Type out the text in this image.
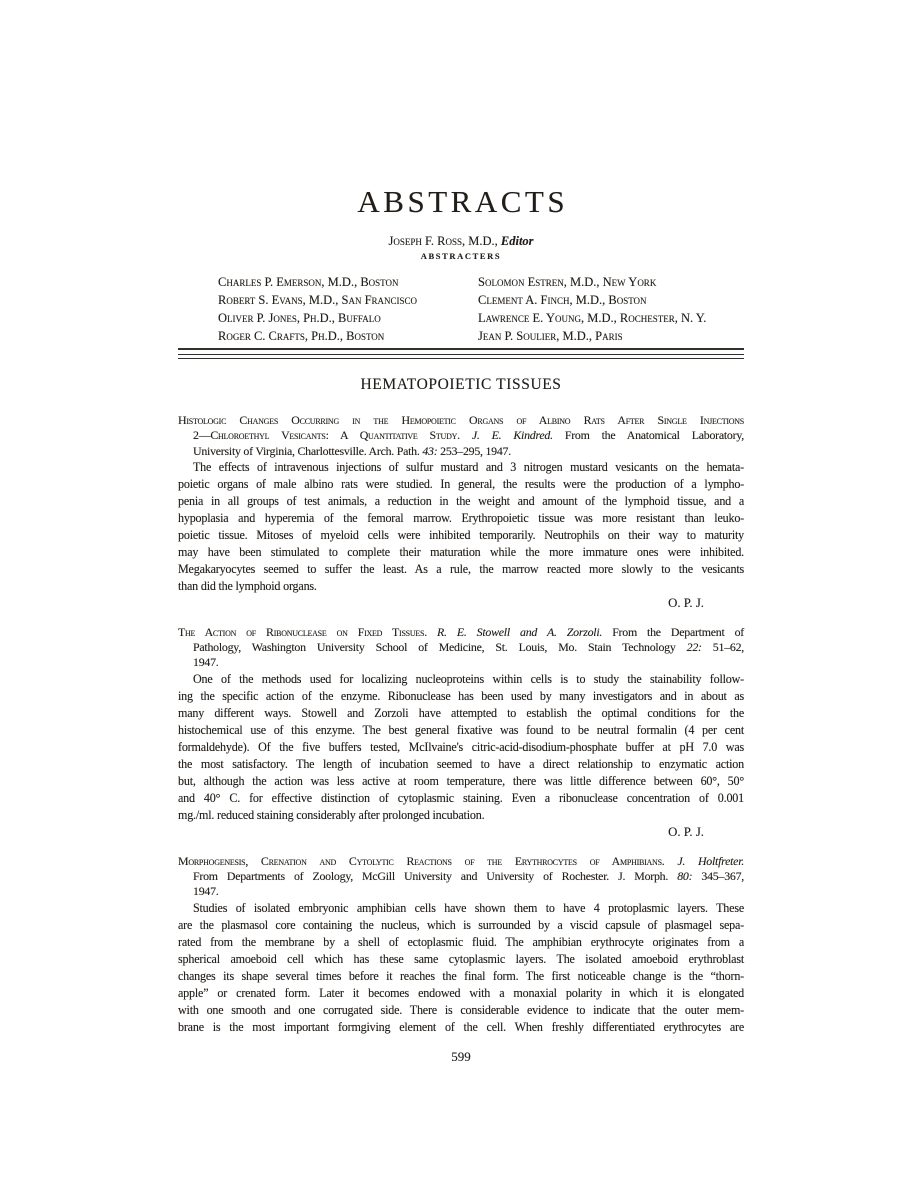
ABSTRACTS
Joseph F. Ross, M.D., Editor
ABSTRACTERS
Charles P. Emerson, M.D., Boston
Robert S. Evans, M.D., San Francisco
Oliver P. Jones, Ph.D., Buffalo
Roger C. Crafts, Ph.D., Boston
Solomon Estren, M.D., New York
Clement A. Finch, M.D., Boston
Lawrence E. Young, M.D., Rochester, N. Y.
Jean P. Soulier, M.D., Paris
HEMATOPOIETIC TISSUES
Histologic Changes Occurring in the Hemopoietic Organs of Albino Rats After Single Injections
2—Chloroethyl Vesicants: A Quantitative Study. J. E. Kindred. From the Anatomical Laboratory,
University of Virginia, Charlottesville. Arch. Path. 43: 253–295, 1947.
The effects of intravenous injections of sulfur mustard and 3 nitrogen mustard vesicants on the hemata-
poietic organs of male albino rats were studied. In general, the results were the production of a lympho-
penia in all groups of test animals, a reduction in the weight and amount of the lymphoid tissue, and a
hypoplasia and hyperemia of the femoral marrow. Erythropoietic tissue was more resistant than leuko-
poietic tissue. Mitoses of myeloid cells were inhibited temporarily. Neutrophils on their way to maturity
may have been stimulated to complete their maturation while the more immature ones were inhibited.
Megakaryocytes seemed to suffer the least. As a rule, the marrow reacted more slowly to the vesicants
than did the lymphoid organs.
O. P. J.
The Action of Ribonuclease on Fixed Tissues. R. E. Stowell and A. Zorzoli. From the Department of
Pathology, Washington University School of Medicine, St. Louis, Mo. Stain Technology 22: 51–62,
1947.
One of the methods used for localizing nucleoproteins within cells is to study the stainability follow-
ing the specific action of the enzyme. Ribonuclease has been used by many investigators and in about as
many different ways. Stowell and Zorzoli have attempted to establish the optimal conditions for the
histochemical use of this enzyme. The best general fixative was found to be neutral formalin (4 per cent
formaldehyde). Of the five buffers tested, McIlvaine's citric-acid-disodium-phosphate buffer at pH 7.0 was
the most satisfactory. The length of incubation seemed to have a direct relationship to enzymatic action
but, although the action was less active at room temperature, there was little difference between 60°, 50°
and 40° C. for effective distinction of cytoplasmic staining. Even a ribonuclease concentration of 0.001
mg./ml. reduced staining considerably after prolonged incubation.
O. P. J.
Morphogenesis, Crenation and Cytolytic Reactions of the Erythrocytes of Amphibians. J. Holtfreter.
From Departments of Zoology, McGill University and University of Rochester. J. Morph. 80: 345–367,
1947.
Studies of isolated embryonic amphibian cells have shown them to have 4 protoplasmic layers. These
are the plasmasol core containing the nucleus, which is surrounded by a viscid capsule of plasmagel sepa-
rated from the membrane by a shell of ectoplasmic fluid. The amphibian erythrocyte originates from a
spherical amoeboid cell which has these same cytoplasmic layers. The isolated amoeboid erythroblast
changes its shape several times before it reaches the final form. The first noticeable change is the “thorn-
apple” or crenated form. Later it becomes endowed with a monaxial polarity in which it is elongated
with one smooth and one corrugated side. There is considerable evidence to indicate that the outer mem-
brane is the most important formgiving element of the cell. When freshly differentiated erythrocytes are
599
